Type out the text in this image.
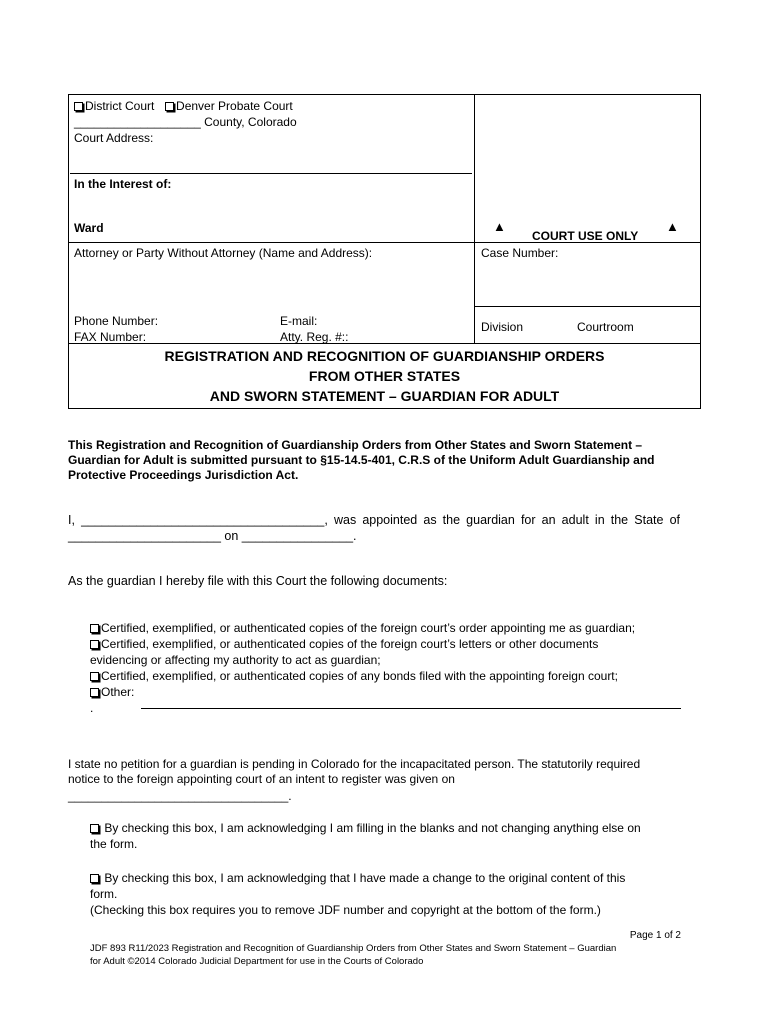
District Court Denver Probate Court
___________________ County, Colorado
Court Address:
In the Interest of:
Ward	▲
COURT USE ONLY
▲
Attorney or Party Without Attorney (Name and Address):	Case Number:
Phone Number:	E-mail:
FAX Number:	Atty. Reg. #::
Division	Courtroom
REGISTRATION AND RECOGNITION OF GUARDIANSHIP ORDERS
FROM OTHER STATES
AND SWORN STATEMENT – GUARDIAN FOR ADULT
This Registration and Recognition of Guardianship Orders from Other States and Sworn Statement –
Guardian for Adult is submitted pursuant to §15-14.5-401, C.R.S of the Uniform Adult Guardianship and
Protective Proceedings Jurisdiction Act.
I, ___________________________________, was appointed as the guardian for an adult in the State of
______________________ on ________________.
As the guardian I hereby file with this Court the following documents:
Certified, exemplified, or authenticated copies of the foreign court’s order appointing me as guardian;
Certified, exemplified, or authenticated copies of the foreign court’s letters or other documents
evidencing or affecting my authority to act as guardian;
Certified, exemplified, or authenticated copies of any bonds filed with the appointing foreign court;
Other:
.
I state no petition for a guardian is pending in Colorado for the incapacitated person. The statutorily required
notice to the foreign appointing court of an intent to register was given on
_________________________________.
By checking this box, I am acknowledging I am filling in the blanks and not changing anything else on
the form.
By checking this box, I am acknowledging that I have made a change to the original content of this
form.
(Checking this box requires you to remove JDF number and copyright at the bottom of the form.)
Page 1 of 2
JDF 893 R11/2023 Registration and Recognition of Guardianship Orders from Other States and Sworn Statement – Guardian
for Adult ©2014 Colorado Judicial Department for use in the Courts of Colorado
